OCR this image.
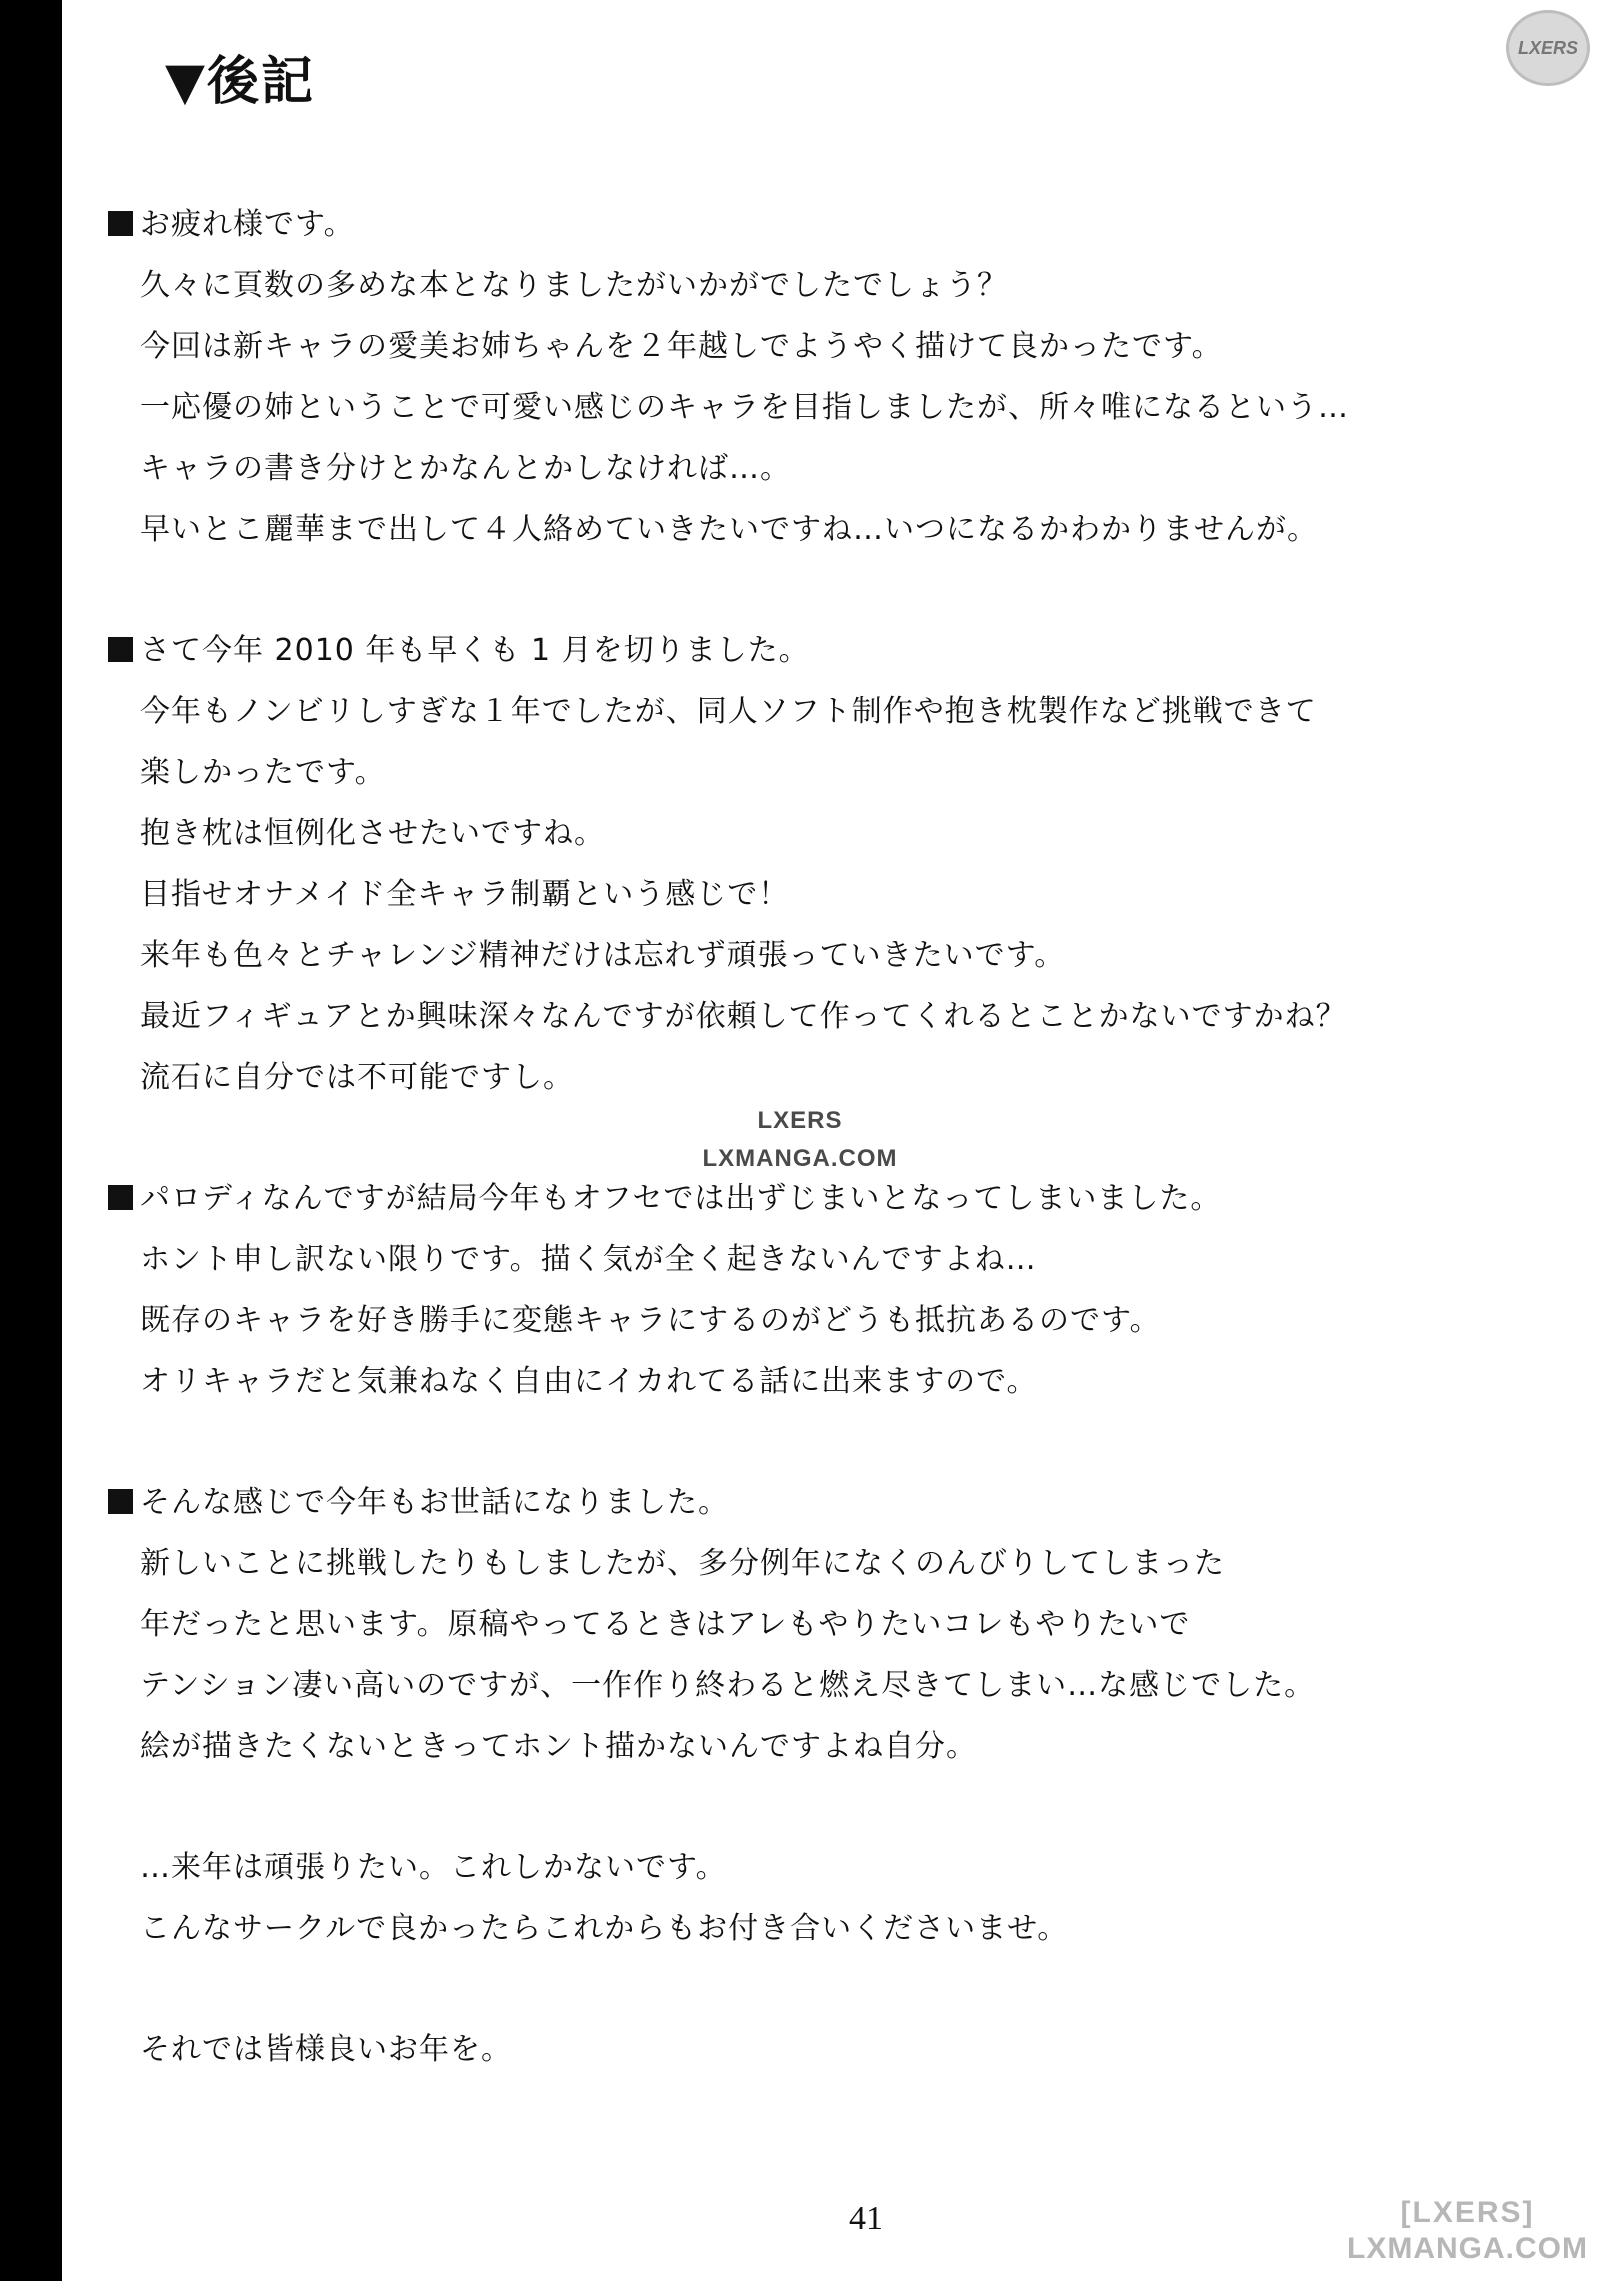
LXERS
▼後記
お疲れ様です。
久々に頁数の多めな本となりましたがいかがでしたでしょう？
今回は新キャラの愛美お姉ちゃんを２年越しでようやく描けて良かったです。
一応優の姉ということで可愛い感じのキャラを目指しましたが、所々唯になるという…
キャラの書き分けとかなんとかしなければ…。
早いとこ麗華まで出して４人絡めていきたいですね…いつになるかわかりませんが。
さて今年 2010 年も早くも 1 月を切りました。
今年もノンビリしすぎな１年でしたが、同人ソフト制作や抱き枕製作など挑戦できて
楽しかったです。
抱き枕は恒例化させたいですね。
目指せオナメイド全キャラ制覇という感じで！
来年も色々とチャレンジ精神だけは忘れず頑張っていきたいです。
最近フィギュアとか興味深々なんですが依頼して作ってくれるとことかないですかね？
流石に自分では不可能ですし。
パロディなんですが結局今年もオフセでは出ずじまいとなってしまいました。
ホント申し訳ない限りです。描く気が全く起きないんですよね…
既存のキャラを好き勝手に変態キャラにするのがどうも抵抗あるのです。
オリキャラだと気兼ねなく自由にイカれてる話に出来ますので。
そんな感じで今年もお世話になりました。
新しいことに挑戦したりもしましたが、多分例年になくのんびりしてしまった
年だったと思います。原稿やってるときはアレもやりたいコレもやりたいで
テンション凄い高いのですが、一作作り終わると燃え尽きてしまい…な感じでした。
絵が描きたくないときってホント描かないんですよね自分。
…来年は頑張りたい。これしかないです。
こんなサークルで良かったらこれからもお付き合いくださいませ。
それでは皆様良いお年を。
LXERS
LXMANGA.COM
41	[LXERS]
LXMANGA.COM
